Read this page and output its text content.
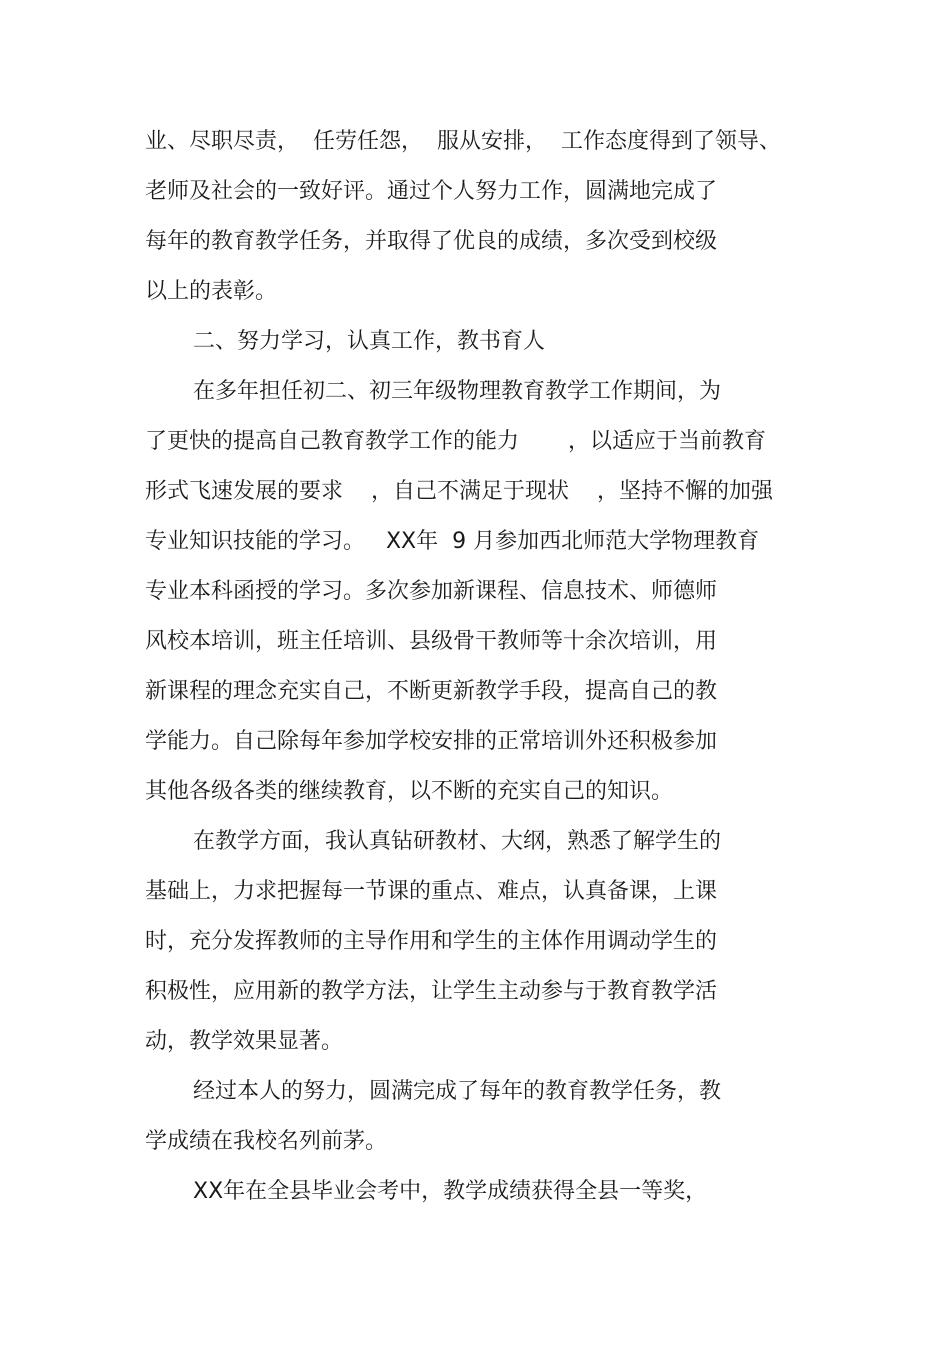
业、尽职尽责，  任劳任怨，  服从安排，  工作态度得到了领导、
老师及社会的一致好评。通过个人努力工作，圆满地完成了
每年的教育教学任务，并取得了优良的成绩，多次受到校级
以上的表彰。
二、努力学习，认真工作，教书育人
在多年担任初二、初三年级物理教育教学工作期间，为
了更快的提高自己教育教学工作的能力       ，以适应于当前教育
形式飞速发展的要求    ，自己不满足于现状    ，坚持不懈的加强
专业知识技能的学习。   XX年  9 月参加西北师范大学物理教育
专业本科函授的学习。多次参加新课程、信息技术、师德师
风校本培训，班主任培训、县级骨干教师等十余次培训，用
新课程的理念充实自己，不断更新教学手段，提高自己的教
学能力。自己除每年参加学校安排的正常培训外还积极参加
其他各级各类的继续教育，以不断的充实自己的知识。
在教学方面，我认真钻研教材、大纲，熟悉了解学生的
基础上，力求把握每一节课的重点、难点，认真备课，上课
时，充分发挥教师的主导作用和学生的主体作用调动学生的
积极性，应用新的教学方法，让学生主动参与于教育教学活
动，教学效果显著。
经过本人的努力，圆满完成了每年的教育教学任务，教
学成绩在我校名列前茅。
XX年在全县毕业会考中，教学成绩获得全县一等奖，
